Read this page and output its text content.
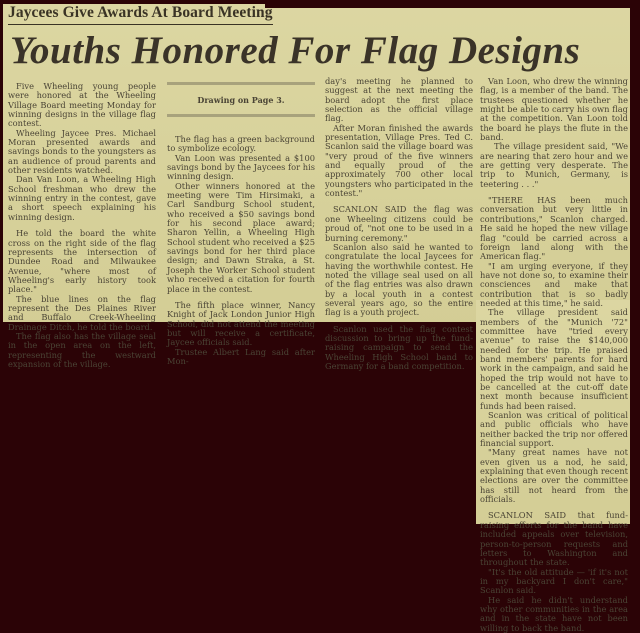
Jaycees Give Awards At Board Meeting
Youths Honored For Flag Designs
Drawing on Page 3.

Five Wheeling young people were honored at the Wheeling Village Board meeting Monday for winning designs in the village flag contest.

Wheeling Jaycee Pres. Michael Moran presented awards and savings bonds to the youngsters as an audience of proud parents and other residents watched.

Dan Van Loon, a Wheeling High School freshman who drew the winning entry in the contest, gave a short speech explaining his winning design.

He told the board the white cross on the right side of the flag represents the intersection of Dundee Road and Milwaukee Avenue, "where most of Wheeling's early history took place."

The blue lines on the flag represent the Des Plaines River and Buffalo Creek-Wheeling Drainage Ditch, he told the board.

The flag also has the village seal in the open area on the left, representing the westward expansion of the village.

The flag has a green background to symbolize ecology.

Van Loon was presented a $100 savings bond by the Jaycees for his winning design.

Other winners honored at the meeting were Tim Hirsimaki, a Carl Sandburg School student, who received a $50 savings bond for his second place award; Sharon Yellin, a Wheeling High School student who received a $25 savings bond for her third place design; and Dawn Straka, a St. Joseph the Worker School student who received a citation for fourth place in the contest.

The fifth place winner, Nancy Knight of Jack London Junior High School, did not attend the meeting but will receive a certificate, Jaycee officials said.

Trustee Albert Lang said after Mon-

day's meeting he planned to suggest at the next meeting the board adopt the first place selection as the official village flag.

After Moran finished the awards presentation, Village Pres. Ted C. Scanlon said the village board was "very proud of the five winners and equally proud of the approximately 700 other local youngsters who participated in the contest."

SCANLON SAID the flag was one Wheeling citizens could be proud of, "not one to be used in a burning ceremony."

Scanlon also said he wanted to congratulate the local Jaycees for having the worthwhile contest. He noted the village seal used on all of the flag entries was also drawn by a local youth in a contest several years ago, so the entire flag is a youth project.

Scanlon used the flag contest discussion to bring up the fund-raising campaign to send the Wheeling High School band to Germany for a band competition.

Van Loon, who drew the winning flag, is a member of the band. The trustees questioned whether he might be able to carry his own flag at the competition. Van Loon told the board he plays the flute in the band.

The village president said, "We are nearing that zero hour and we are getting very desperate. The trip to Munich, Germany, is teetering . . ."

"THERE HAS been much conversation but very little in contributions," Scanlon charged. He said he hoped the new village flag "could be carried across a foreign land along with the American flag."

"I am urging everyone, if they have not done so, to examine their consciences and make that contribution that is so badly needed at this time," he said.

The village president said members of the "Munich '72" committee have "tried every avenue" to raise the $140,000 needed for the trip. He praised band members' parents for hard work in the campaign, and said he hoped the trip would not have to be cancelled at the cut-off date next month because insufficient funds had been raised.

Scanlon was critical of political and public officials who have neither backed the trip nor offered financial support.

"Many great names have not even given us a nod, he said, explaining that even though recent elections are over the committee has still not heard from the officials.

SCANLON SAID that fund-raising efforts for the band have included appeals over television, person-to-person requests and letters to Washington and throughout the state.

"It's the old attitude — 'if it's not in my backyard I don't care," Scanlon said.

He said he didn't understand why other communities in the area and in the state have not been willing to back the band.
